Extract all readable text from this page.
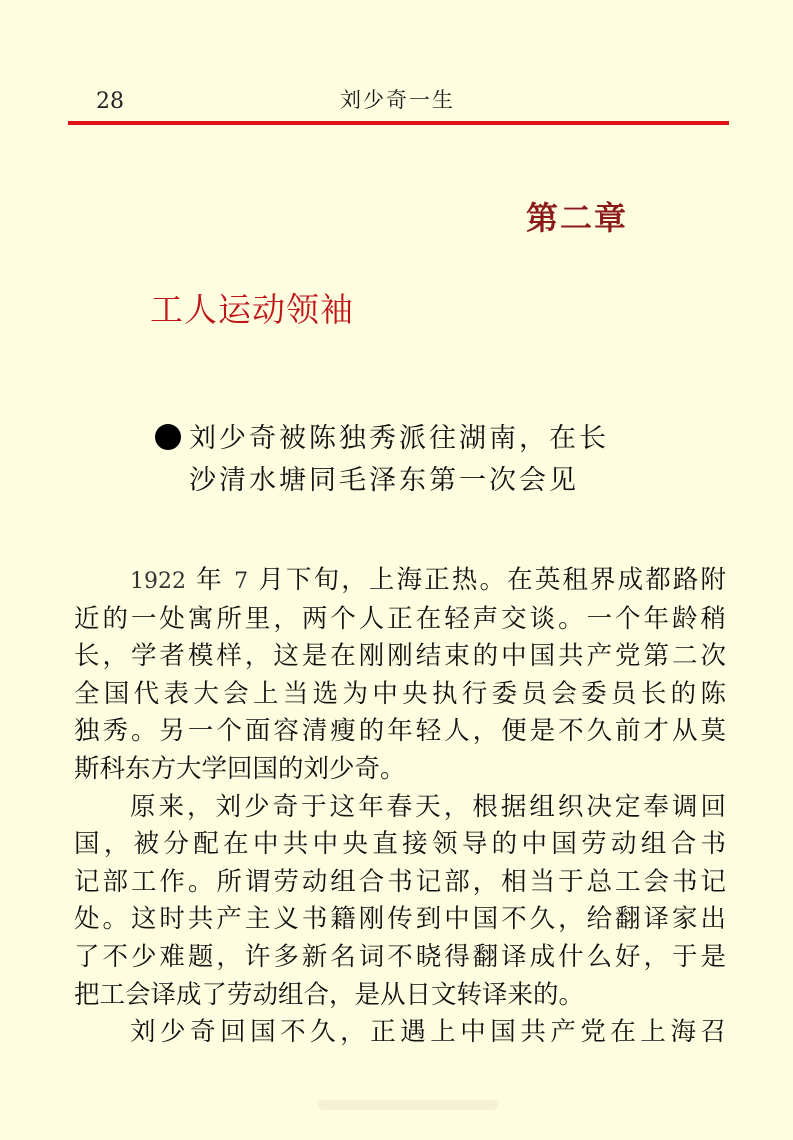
28	刘少奇一生
第二章
工人运动领袖
刘少奇被陈独秀派往湖南，在长
沙清水塘同毛泽东第一次会见
1922 年 7 月下旬，上海正热。在英租界成都路附
近的一处寓所里，两个人正在轻声交谈。一个年龄稍
长，学者模样，这是在刚刚结束的中国共产党第二次
全国代表大会上当选为中央执行委员会委员长的陈
独秀。另一个面容清瘦的年轻人，便是不久前才从莫
斯科东方大学回国的刘少奇。
原来，刘少奇于这年春天，根据组织决定奉调回
国，被分配在中共中央直接领导的中国劳动组合书
记部工作。所谓劳动组合书记部，相当于总工会书记
处。这时共产主义书籍刚传到中国不久，给翻译家出
了不少难题，许多新名词不晓得翻译成什么好，于是
把工会译成了劳动组合，是从日文转译来的。
刘少奇回国不久，正遇上中国共产党在上海召
